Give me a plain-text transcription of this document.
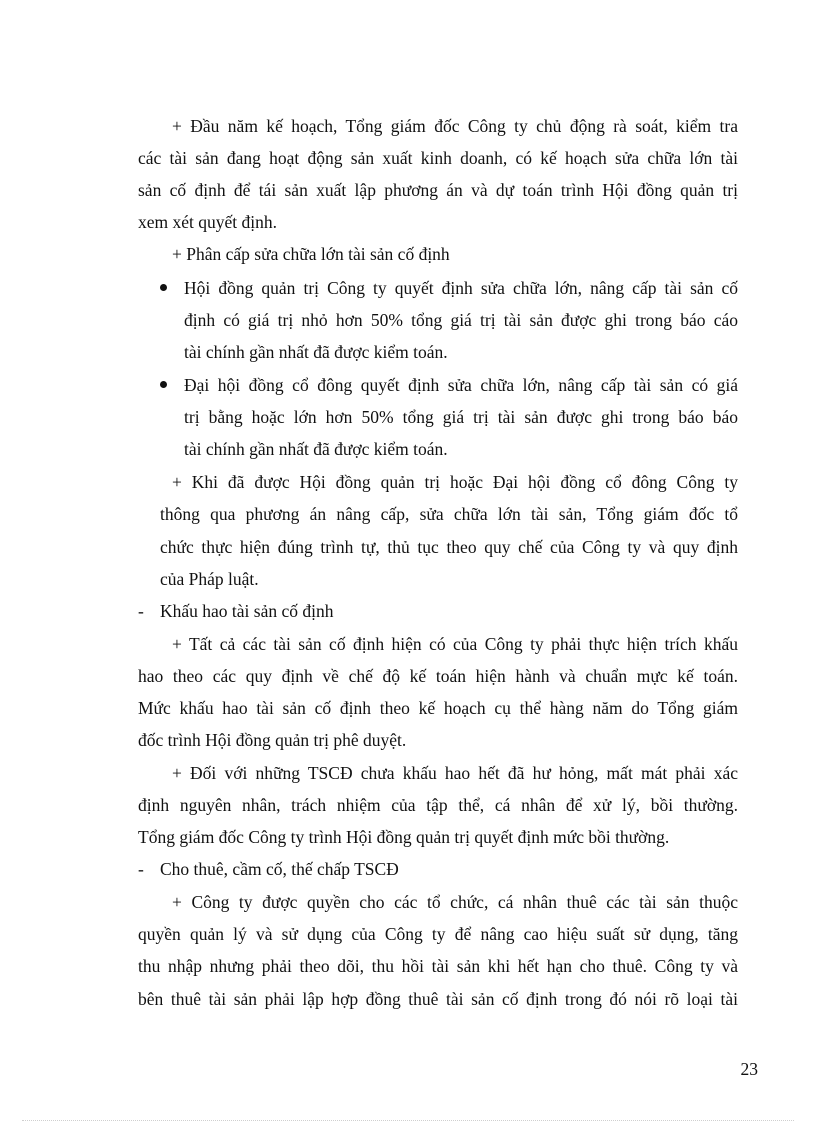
+ Đầu năm kế hoạch, Tổng giám đốc Công ty chủ động rà soát, kiểm tra
các tài sản đang hoạt động sản xuất kinh doanh, có kế hoạch sửa chữa lớn tài
sản cố định để tái sản xuất lập phương án và dự toán trình Hội đồng quản trị
xem xét quyết định.
+ Phân cấp sửa chữa lớn tài sản cố định
Hội đồng quản trị Công ty quyết định sửa chữa lớn, nâng cấp tài sản cố
định có giá trị nhỏ hơn 50% tổng giá trị tài sản được ghi trong báo cáo
tài chính gần nhất đã được kiểm toán.
Đại hội đồng cổ đông quyết định sửa chữa lớn, nâng cấp tài sản có giá
trị bằng hoặc lớn hơn 50% tổng giá trị tài sản được ghi trong báo báo
tài chính gần nhất đã được kiểm toán.
+ Khi đã được Hội đồng quản trị hoặc Đại hội đồng cổ đông Công ty
thông qua phương án nâng cấp, sửa chữa lớn tài sản, Tổng giám đốc tổ
chức thực hiện đúng trình tự, thủ tục theo quy chế của Công ty và quy định
của Pháp luật.
- Khấu hao tài sản cố định
+ Tất cả các tài sản cố định hiện có của Công ty phải thực hiện trích khấu
hao theo các quy định về chế độ kế toán hiện hành và chuẩn mực kế toán.
Mức khấu hao tài sản cố định theo kế hoạch cụ thể hàng năm do Tổng giám
đốc trình Hội đồng quản trị phê duyệt.
+ Đối với những TSCĐ chưa khấu hao hết đã hư hỏng, mất mát phải xác
định nguyên nhân, trách nhiệm của tập thể, cá nhân để xử lý, bồi thường.
Tổng giám đốc Công ty trình Hội đồng quản trị quyết định mức bồi thường.
- Cho thuê, cầm cố, thế chấp TSCĐ
+ Công ty được quyền cho các tổ chức, cá nhân thuê các tài sản thuộc
quyền quản lý và sử dụng của Công ty để nâng cao hiệu suất sử dụng, tăng
thu nhập nhưng phải theo dõi, thu hồi tài sản khi hết hạn cho thuê. Công ty và
bên thuê tài sản phải lập hợp đồng thuê tài sản cố định trong đó nói rõ loại tài
23
